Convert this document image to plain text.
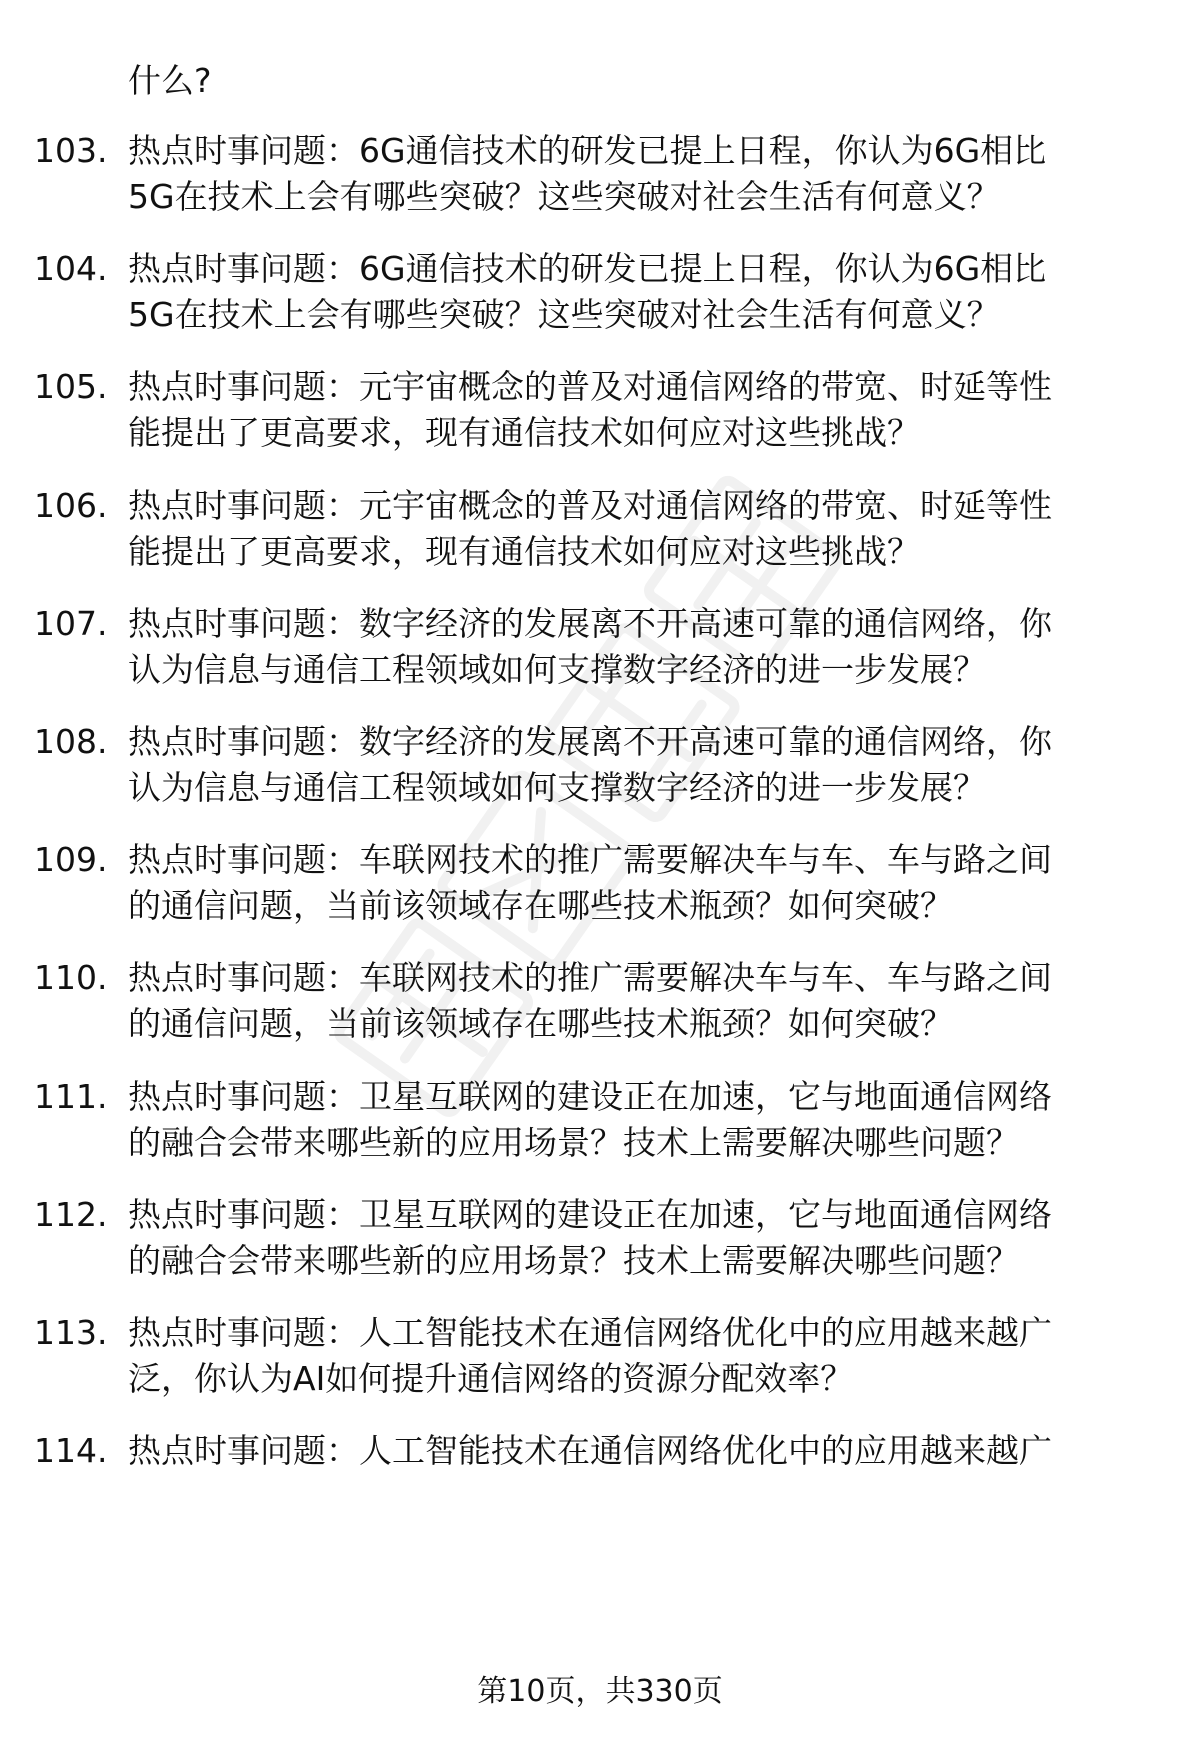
什么?
103. 热点时事问题：6G通信技术的研发已提上日程，你认为6G相比
5G在技术上会有哪些突破？这些突破对社会生活有何意义？
104. 热点时事问题：6G通信技术的研发已提上日程，你认为6G相比
5G在技术上会有哪些突破？这些突破对社会生活有何意义？
105. 热点时事问题：元宇宙概念的普及对通信网络的带宽、时延等性
能提出了更高要求，现有通信技术如何应对这些挑战？
106. 热点时事问题：元宇宙概念的普及对通信网络的带宽、时延等性
能提出了更高要求，现有通信技术如何应对这些挑战？
107. 热点时事问题：数字经济的发展离不开高速可靠的通信网络，你
认为信息与通信工程领域如何支撑数字经济的进一步发展？
108. 热点时事问题：数字经济的发展离不开高速可靠的通信网络，你
认为信息与通信工程领域如何支撑数字经济的进一步发展？
109. 热点时事问题：车联网技术的推广需要解决车与车、车与路之间
的通信问题，当前该领域存在哪些技术瓶颈？如何突破？
110. 热点时事问题：车联网技术的推广需要解决车与车、车与路之间
的通信问题，当前该领域存在哪些技术瓶颈？如何突破？
111. 热点时事问题：卫星互联网的建设正在加速，它与地面通信网络
的融合会带来哪些新的应用场景？技术上需要解决哪些问题？
112. 热点时事问题：卫星互联网的建设正在加速，它与地面通信网络
的融合会带来哪些新的应用场景？技术上需要解决哪些问题？
113. 热点时事问题：人工智能技术在通信网络优化中的应用越来越广
泛，你认为AI如何提升通信网络的资源分配效率？
114. 热点时事问题：人工智能技术在通信网络优化中的应用越来越广
第10页，共330页
